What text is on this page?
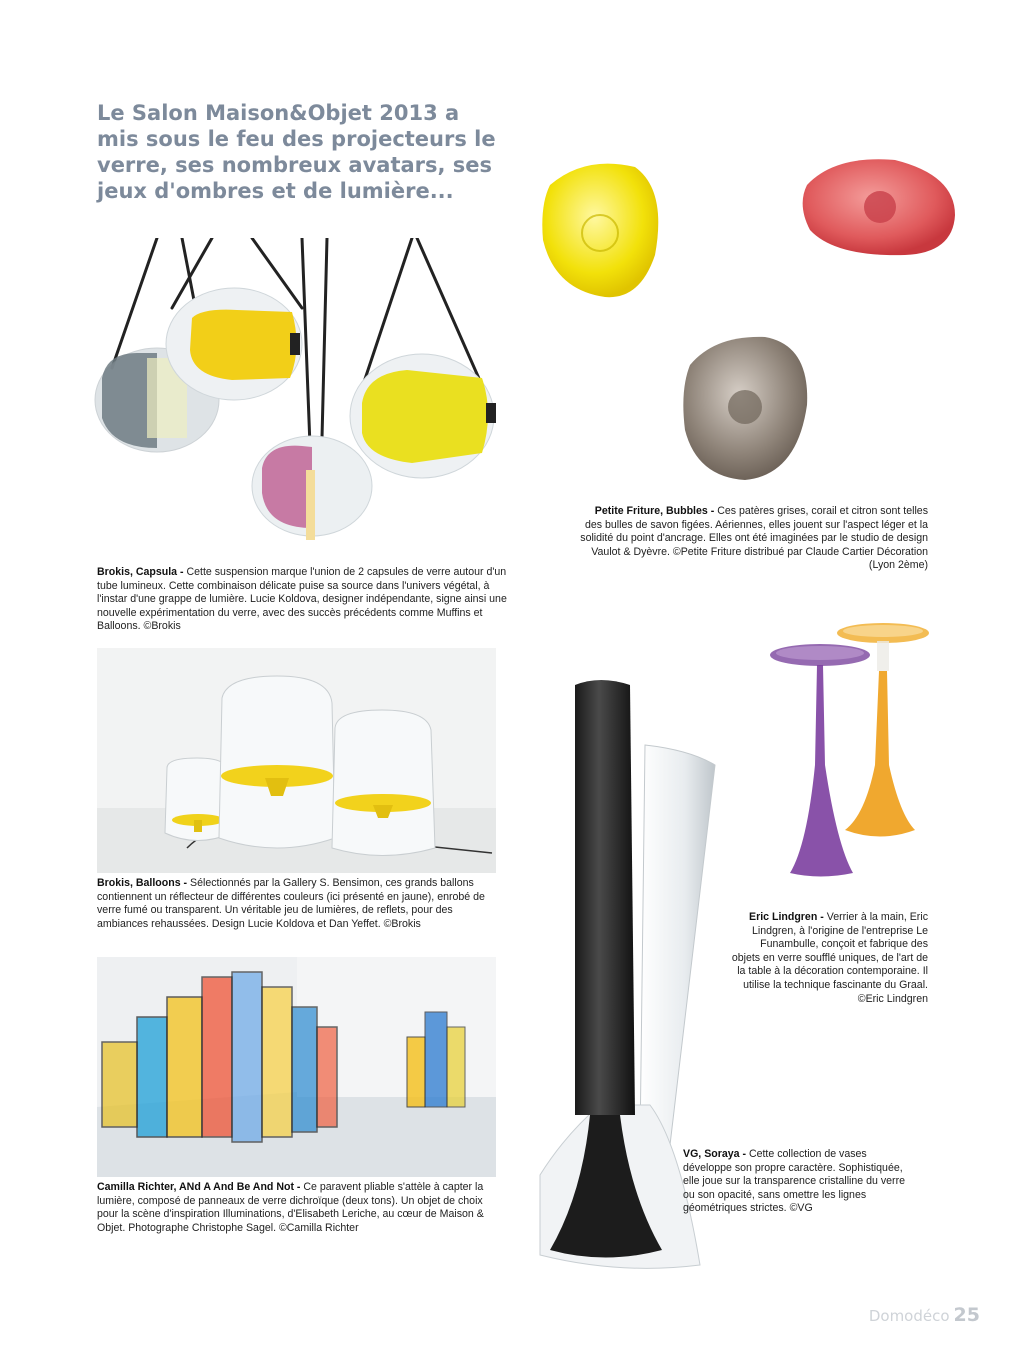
Le Salon Maison&Objet 2013 a mis sous le feu des projecteurs le verre, ses nombreux avatars, ses jeux d'ombres et de lumière...
Brokis, Capsula - Cette suspension marque l'union de 2 capsules de verre autour d'un tube lumineux. Cette combinaison délicate puise sa source dans l'univers végétal, à l'instar d'une grappe de lumière. Lucie Koldova, designer indépendante, signe ainsi une nouvelle expérimentation du verre, avec des succès précédents comme Muffins et Balloons. ©Brokis
Petite Friture, Bubbles - Ces patères grises, corail et citron sont telles des bulles de savon figées. Aériennes, elles jouent sur l'aspect léger et la solidité du point d'ancrage. Elles ont été imaginées par le studio de design Vaulot & Dyèvre. ©Petite Friture distribué par Claude Cartier Décoration (Lyon 2ème)
Brokis, Balloons - Sélectionnés par la Gallery S. Bensimon, ces grands ballons contiennent un réflecteur de différentes couleurs (ici présenté en jaune), enrobé de verre fumé ou transparent. Un véritable jeu de lumières, de reflets, pour des ambiances rehaussées. Design Lucie Koldova et Dan Yeffet. ©Brokis
Camilla Richter, ANd A And Be And Not - Ce paravent pliable s'attèle à capter la lumière, composé de panneaux de verre dichroïque (deux tons). Un objet de choix pour la scène d'inspiration Illuminations, d'Elisabeth Leriche, au cœur de Maison & Objet. Photographe Christophe Sagel. ©Camilla Richter
Eric Lindgren - Verrier à la main, Eric Lindgren, à l'origine de l'entreprise Le Funambulle, conçoit et fabrique des objets en verre soufflé uniques, de l'art de la table à la décoration contemporaine. Il utilise la technique fascinante du Graal. ©Eric Lindgren
VG, Soraya - Cette collection de vases développe son propre caractère. Sophistiquée, elle joue sur la transparence cristalline du verre ou son opacité, sans omettre les lignes géométriques strictes. ©VG
Domodéco 25
